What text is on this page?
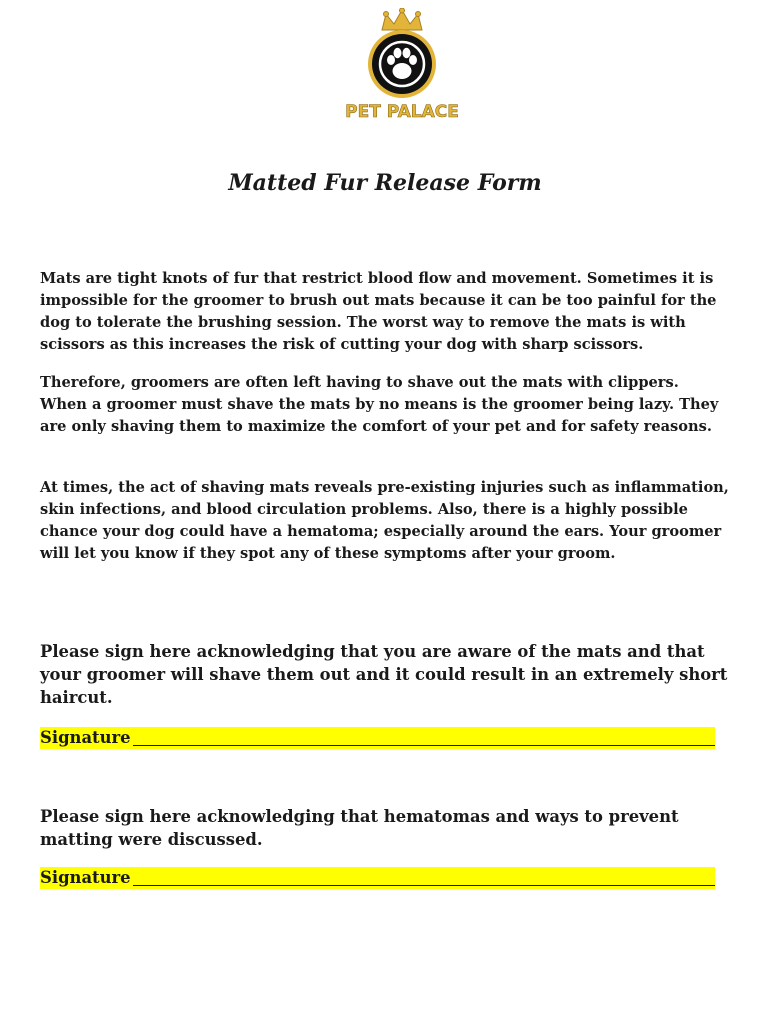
PET PALACE
Matted Fur Release Form

Mats are tight knots of fur that restrict blood flow and movement. Sometimes it is impossible for the groomer to brush out mats because it can be too painful for the dog to tolerate the brushing session. The worst way to remove the mats is with scissors as this increases the risk of cutting your dog with sharp scissors.

Therefore, groomers are often left having to shave out the mats with clippers. When a groomer must shave the mats by no means is the groomer being lazy. They are only shaving them to maximize the comfort of your pet and for safety reasons.

At times, the act of shaving mats reveals pre-existing injuries such as inflammation, skin infections, and blood circulation problems. Also, there is a highly possible chance your dog could have a hematoma; especially around the ears. Your groomer will let you know if they spot any of these symptoms after your groom.

Please sign here acknowledging that you are aware of the mats and that your groomer will shave them out and it could result in an extremely short haircut.

Signature

Please sign here acknowledging that hematomas and ways to prevent matting were discussed.

Signature
